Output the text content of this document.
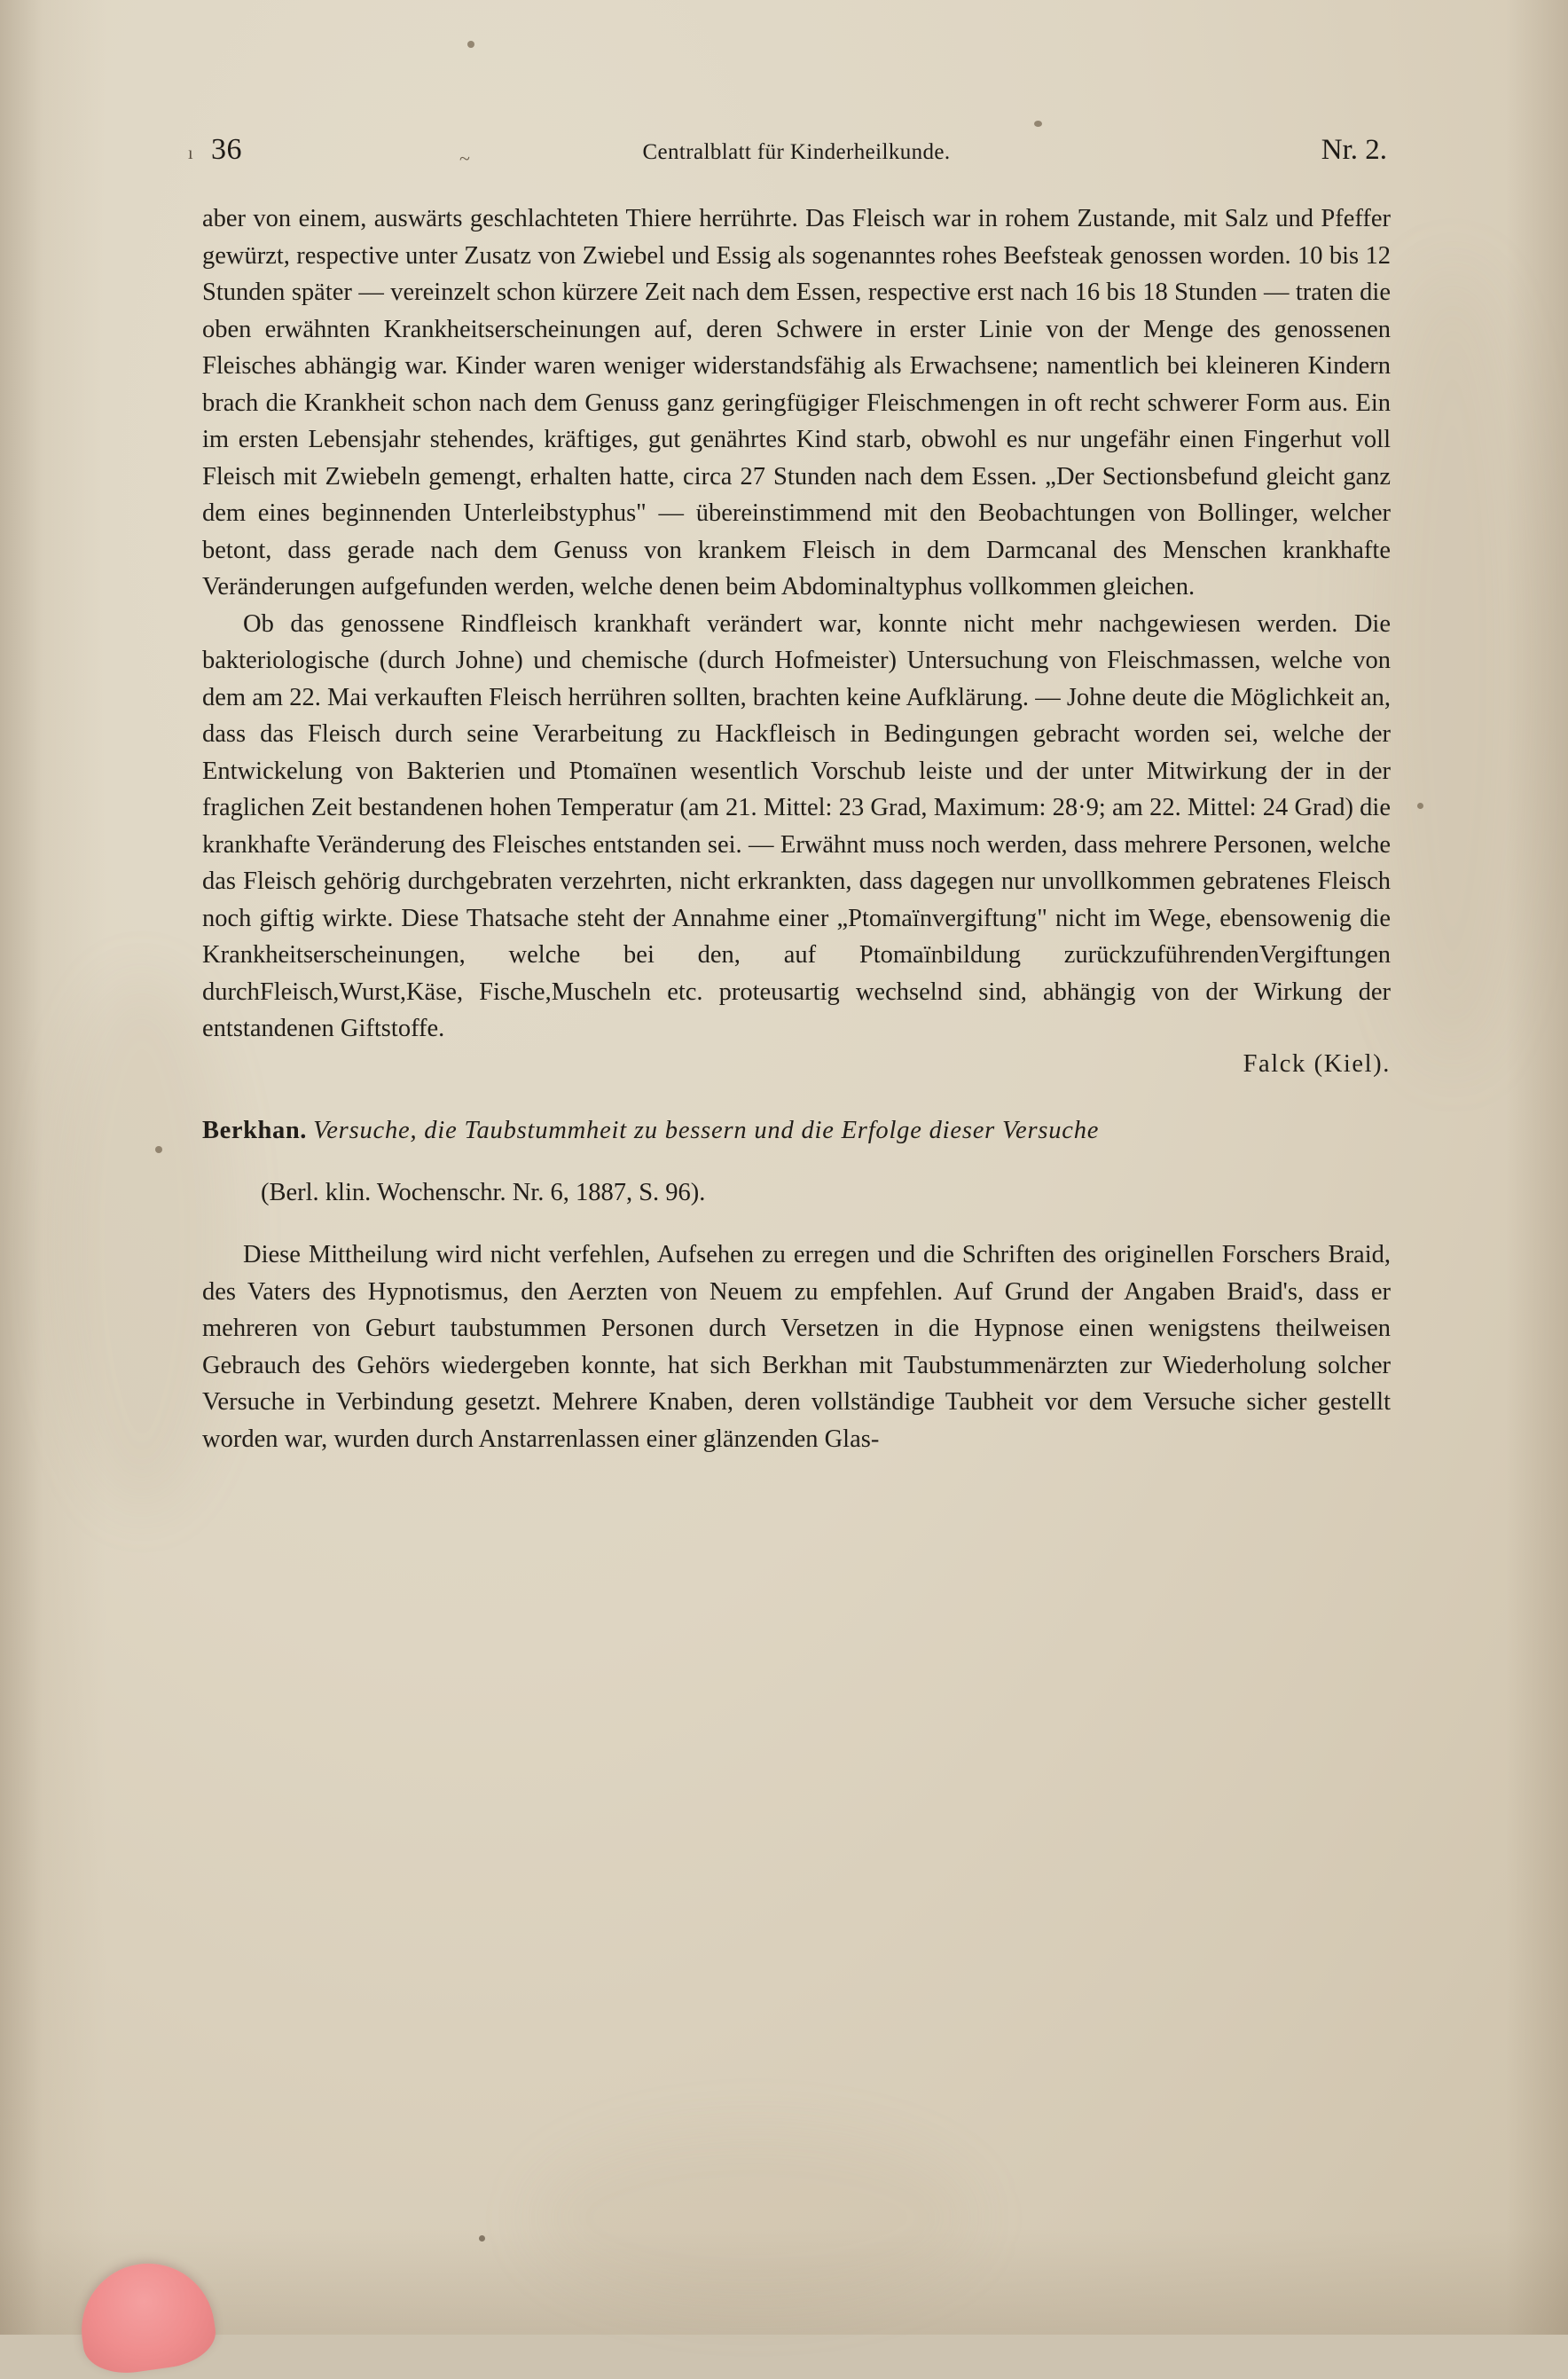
ı 36	~	Centralblatt für Kinderheilkunde.	Nr. 2.

aber von einem, auswärts geschlachteten Thiere herrührte. Das Fleisch war in rohem Zustande, mit Salz und Pfeffer gewürzt, respective unter Zusatz von Zwiebel und Essig als sogenanntes rohes Beefsteak genossen worden. 10 bis 12 Stunden später — vereinzelt schon kürzere Zeit nach dem Essen, respective erst nach 16 bis 18 Stunden — traten die oben erwähnten Krankheitserscheinungen auf, deren Schwere in erster Linie von der Menge des genossenen Fleisches abhängig war. Kinder waren weniger widerstandsfähig als Erwachsene; namentlich bei kleineren Kindern brach die Krankheit schon nach dem Genuss ganz geringfügiger Fleischmengen in oft recht schwerer Form aus. Ein im ersten Lebensjahr stehendes, kräftiges, gut genährtes Kind starb, obwohl es nur ungefähr einen Fingerhut voll Fleisch mit Zwiebeln gemengt, erhalten hatte, circa 27 Stunden nach dem Essen. „Der Sectionsbefund gleicht ganz dem eines beginnenden Unterleibstyphus" — übereinstimmend mit den Beobachtungen von Bollinger, welcher betont, dass gerade nach dem Genuss von krankem Fleisch in dem Darmcanal des Menschen krankhafte Veränderungen aufgefunden werden, welche denen beim Abdominaltyphus vollkommen gleichen.

Ob das genossene Rindfleisch krankhaft verändert war, konnte nicht mehr nachgewiesen werden. Die bakteriologische (durch Johne) und chemische (durch Hofmeister) Untersuchung von Fleischmassen, welche von dem am 22. Mai verkauften Fleisch herrühren sollten, brachten keine Aufklärung. — Johne deute die Möglichkeit an, dass das Fleisch durch seine Verarbeitung zu Hackfleisch in Bedingungen gebracht worden sei, welche der Entwickelung von Bakterien und Ptomaïnen wesentlich Vorschub leiste und der unter Mitwirkung der in der fraglichen Zeit bestandenen hohen Temperatur (am 21. Mittel: 23 Grad, Maximum: 28·9; am 22. Mittel: 24 Grad) die krankhafte Veränderung des Fleisches entstanden sei. — Erwähnt muss noch werden, dass mehrere Personen, welche das Fleisch gehörig durchgebraten verzehrten, nicht erkrankten, dass dagegen nur unvollkommen gebratenes Fleisch noch giftig wirkte. Diese Thatsache steht der Annahme einer „Ptomaïnvergiftung" nicht im Wege, ebensowenig die Krankheitserscheinungen, welche bei den, auf Ptomaïnbildung zurückzuführendenVergiftungen durchFleisch,Wurst,Käse, Fische,Muscheln etc. proteusartig wechselnd sind, abhängig von der Wirkung der entstandenen Giftstoffe.

Falck (Kiel).

Berkhan. Versuche, die Taubstummheit zu bessern und die Erfolge dieser Versuche

(Berl. klin. Wochenschr. Nr. 6, 1887, S. 96).

Diese Mittheilung wird nicht verfehlen, Aufsehen zu erregen und die Schriften des originellen Forschers Braid, des Vaters des Hypnotismus, den Aerzten von Neuem zu empfehlen. Auf Grund der Angaben Braid's, dass er mehreren von Geburt taubstummen Personen durch Versetzen in die Hypnose einen wenigstens theilweisen Gebrauch des Gehörs wiedergeben konnte, hat sich Berkhan mit Taubstummenärzten zur Wiederholung solcher Versuche in Verbindung gesetzt. Mehrere Knaben, deren vollständige Taubheit vor dem Versuche sicher gestellt worden war, wurden durch Anstarrenlassen einer glänzenden Glas-
